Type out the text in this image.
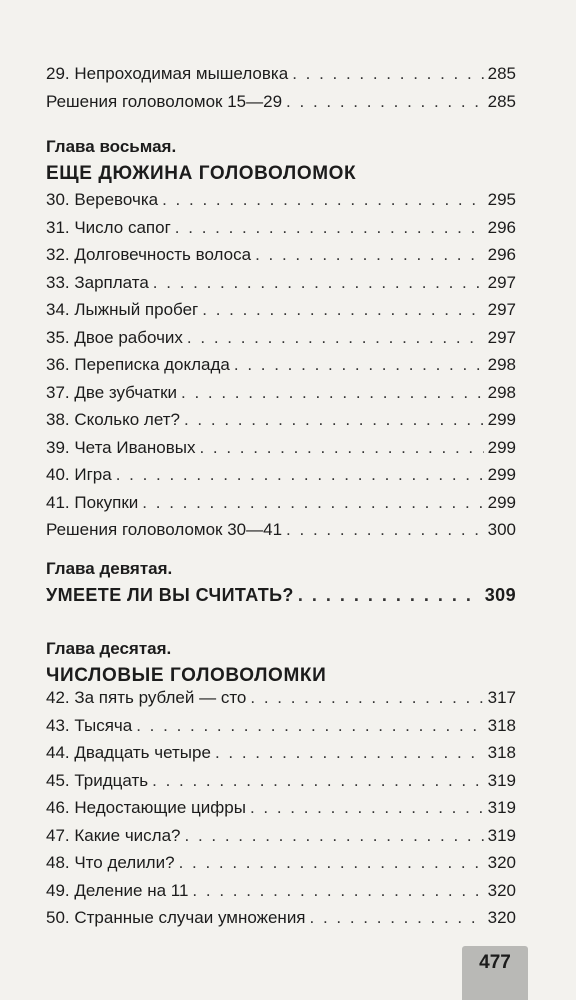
29. Непроходимая мышеловка . . .	285
Решения головоломок 15—29 . . .	285
Глава восьмая.
ЕЩЕ ДЮЖИНА ГОЛОВОЛОМОК
30. Веревочка . . .	295
31. Число сапог . . .	296
32. Долговечность волоса . . .	296
33. Зарплата . . .	297
34. Лыжный пробег . . .	297
35. Двое рабочих . . .	297
36. Переписка доклада . . .	298
37. Две зубчатки . . .	298
38. Сколько лет? . . .	299
39. Чета Ивановых . . .	299
40. Игра . . .	299
41. Покупки . . .	299
Решения головоломок 30—41 . . .	300
Глава девятая.
УМЕЕТЕ ЛИ ВЫ СЧИТАТЬ? . . .	309
Глава десятая.
ЧИСЛОВЫЕ ГОЛОВОЛОМКИ
42. За пять рублей — сто . . .	317
43. Тысяча . . .	318
44. Двадцать четыре . . .	318
45. Тридцать . . .	319
46. Недостающие цифры . . .	319
47. Какие числа? . . .	319
48. Что делили? . . .	320
49. Деление на 11 . . .	320
50. Странные случаи умножения . . .	320
477
